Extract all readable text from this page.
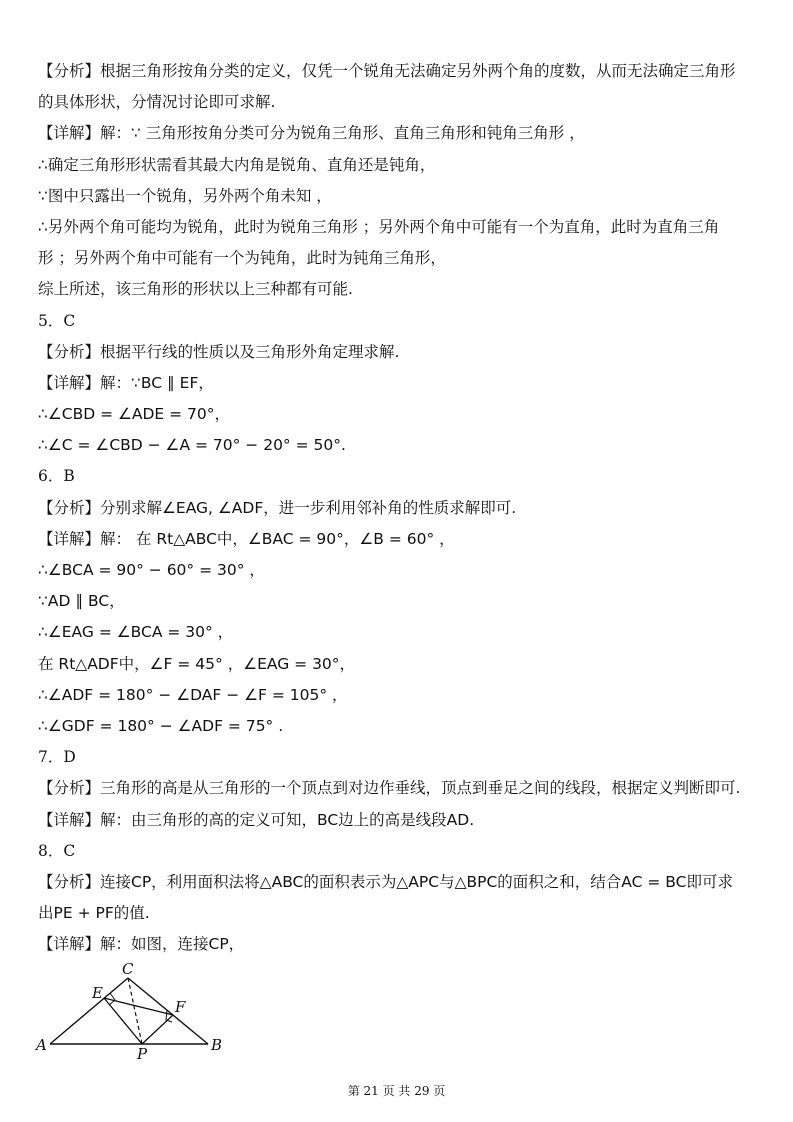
【分析】根据三角形按角分类的定义，仅凭一个锐角无法确定另外两个角的度数，从而无法确定三角形
的具体形状，分情况讨论即可求解.
【详解】解：∵ 三角形按角分类可分为锐角三角形、直角三角形和钝角三角形 ，
∴确定三角形形状需看其最大内角是锐角、直角还是钝角，
∵图中只露出一个锐角，另外两个角未知 ，
∴另外两个角可能均为锐角，此时为锐角三角形 ；另外两个角中可能有一个为直角，此时为直角三角
形 ；另外两个角中可能有一个为钝角，此时为钝角三角形，
综上所述，该三角形的形状以上三种都有可能.
5．C
【分析】根据平行线的性质以及三角形外角定理求解.
【详解】解：∵BC ∥ EF，
∴∠CBD = ∠ADE = 70°，
∴∠C = ∠CBD − ∠A = 70° − 20° = 50°.
6．B
【分析】分别求解∠EAG, ∠ADF，进一步利用邻补角的性质求解即可.
【详解】解： 在 Rt△ABC中，∠BAC = 90°，∠B = 60° ，
∴∠BCA = 90° − 60° = 30° ，
∵AD ∥ BC，
∴∠EAG = ∠BCA = 30° ，
在 Rt△ADF中，∠F = 45° ，∠EAG = 30°，
∴∠ADF = 180° − ∠DAF − ∠F = 105° ，
∴∠GDF = 180° − ∠ADF = 75° .
7．D
【分析】三角形的高是从三角形的一个顶点到对边作垂线，顶点到垂足之间的线段，根据定义判断即可.
【详解】解：由三角形的高的定义可知，BC边上的高是线段AD.
8．C
【分析】连接CP，利用面积法将△ABC的面积表示为△APC与△BPC的面积之和，结合AC = BC即可求
出PE + PF的值.
【详解】解：如图，连接CP，
C
E
F
A	P	B
第 21 页 共 29 页
